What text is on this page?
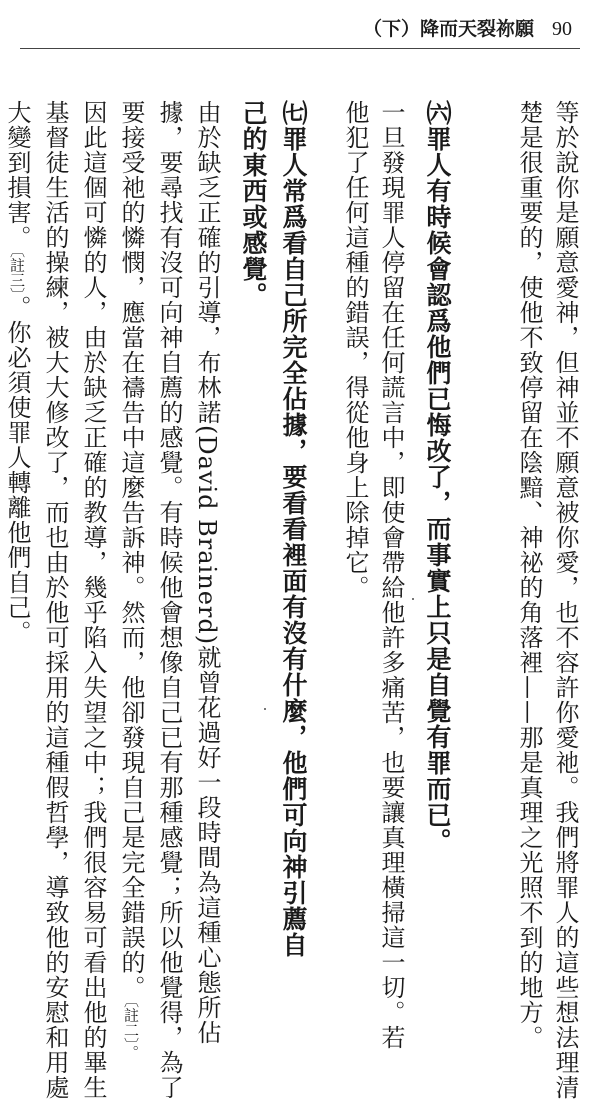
（下）降而天裂祢願 90
等於說你是願意愛神，但神並不願意被你愛，也不容許你愛祂。我們將罪人的這些想法理清
楚是很重要的，使他不致停留在陰黯、神祕的角落裡——那是真理之光照不到的地方。
㈥罪人有時候會認爲他們已悔改了，而事實上只是自覺有罪而已。
一旦發現罪人停留在任何謊言中，即使會帶給他許多痛苦，也要讓真理橫掃這一切。若
他犯了任何這種的錯誤，得從他身上除掉它。
㈦罪人常爲看自己所完全佔據，要看看裡面有沒有什麼，他們可向神引薦自
己的東西或感覺。
由於缺乏正確的引導，布林諾(David Brainerd)就曾花過好一段時間為這種心態所佔
據，要尋找有沒可向神自薦的感覺。有時候他會想像自己已有那種感覺；所以他覺得，為了
要接受祂的憐憫，應當在禱告中這麼告訴神。然而，他卻發現自己是完全錯誤的。〔註二〕。
因此這個可憐的人，由於缺乏正確的教導，幾乎陷入失望之中；我們很容易可看出他的畢生
基督徒生活的操練，被大大修改了，而也由於他可採用的這種假哲學，導致他的安慰和用處
大變到損害。〔註三〕。你必須使罪人轉離他們自己。
